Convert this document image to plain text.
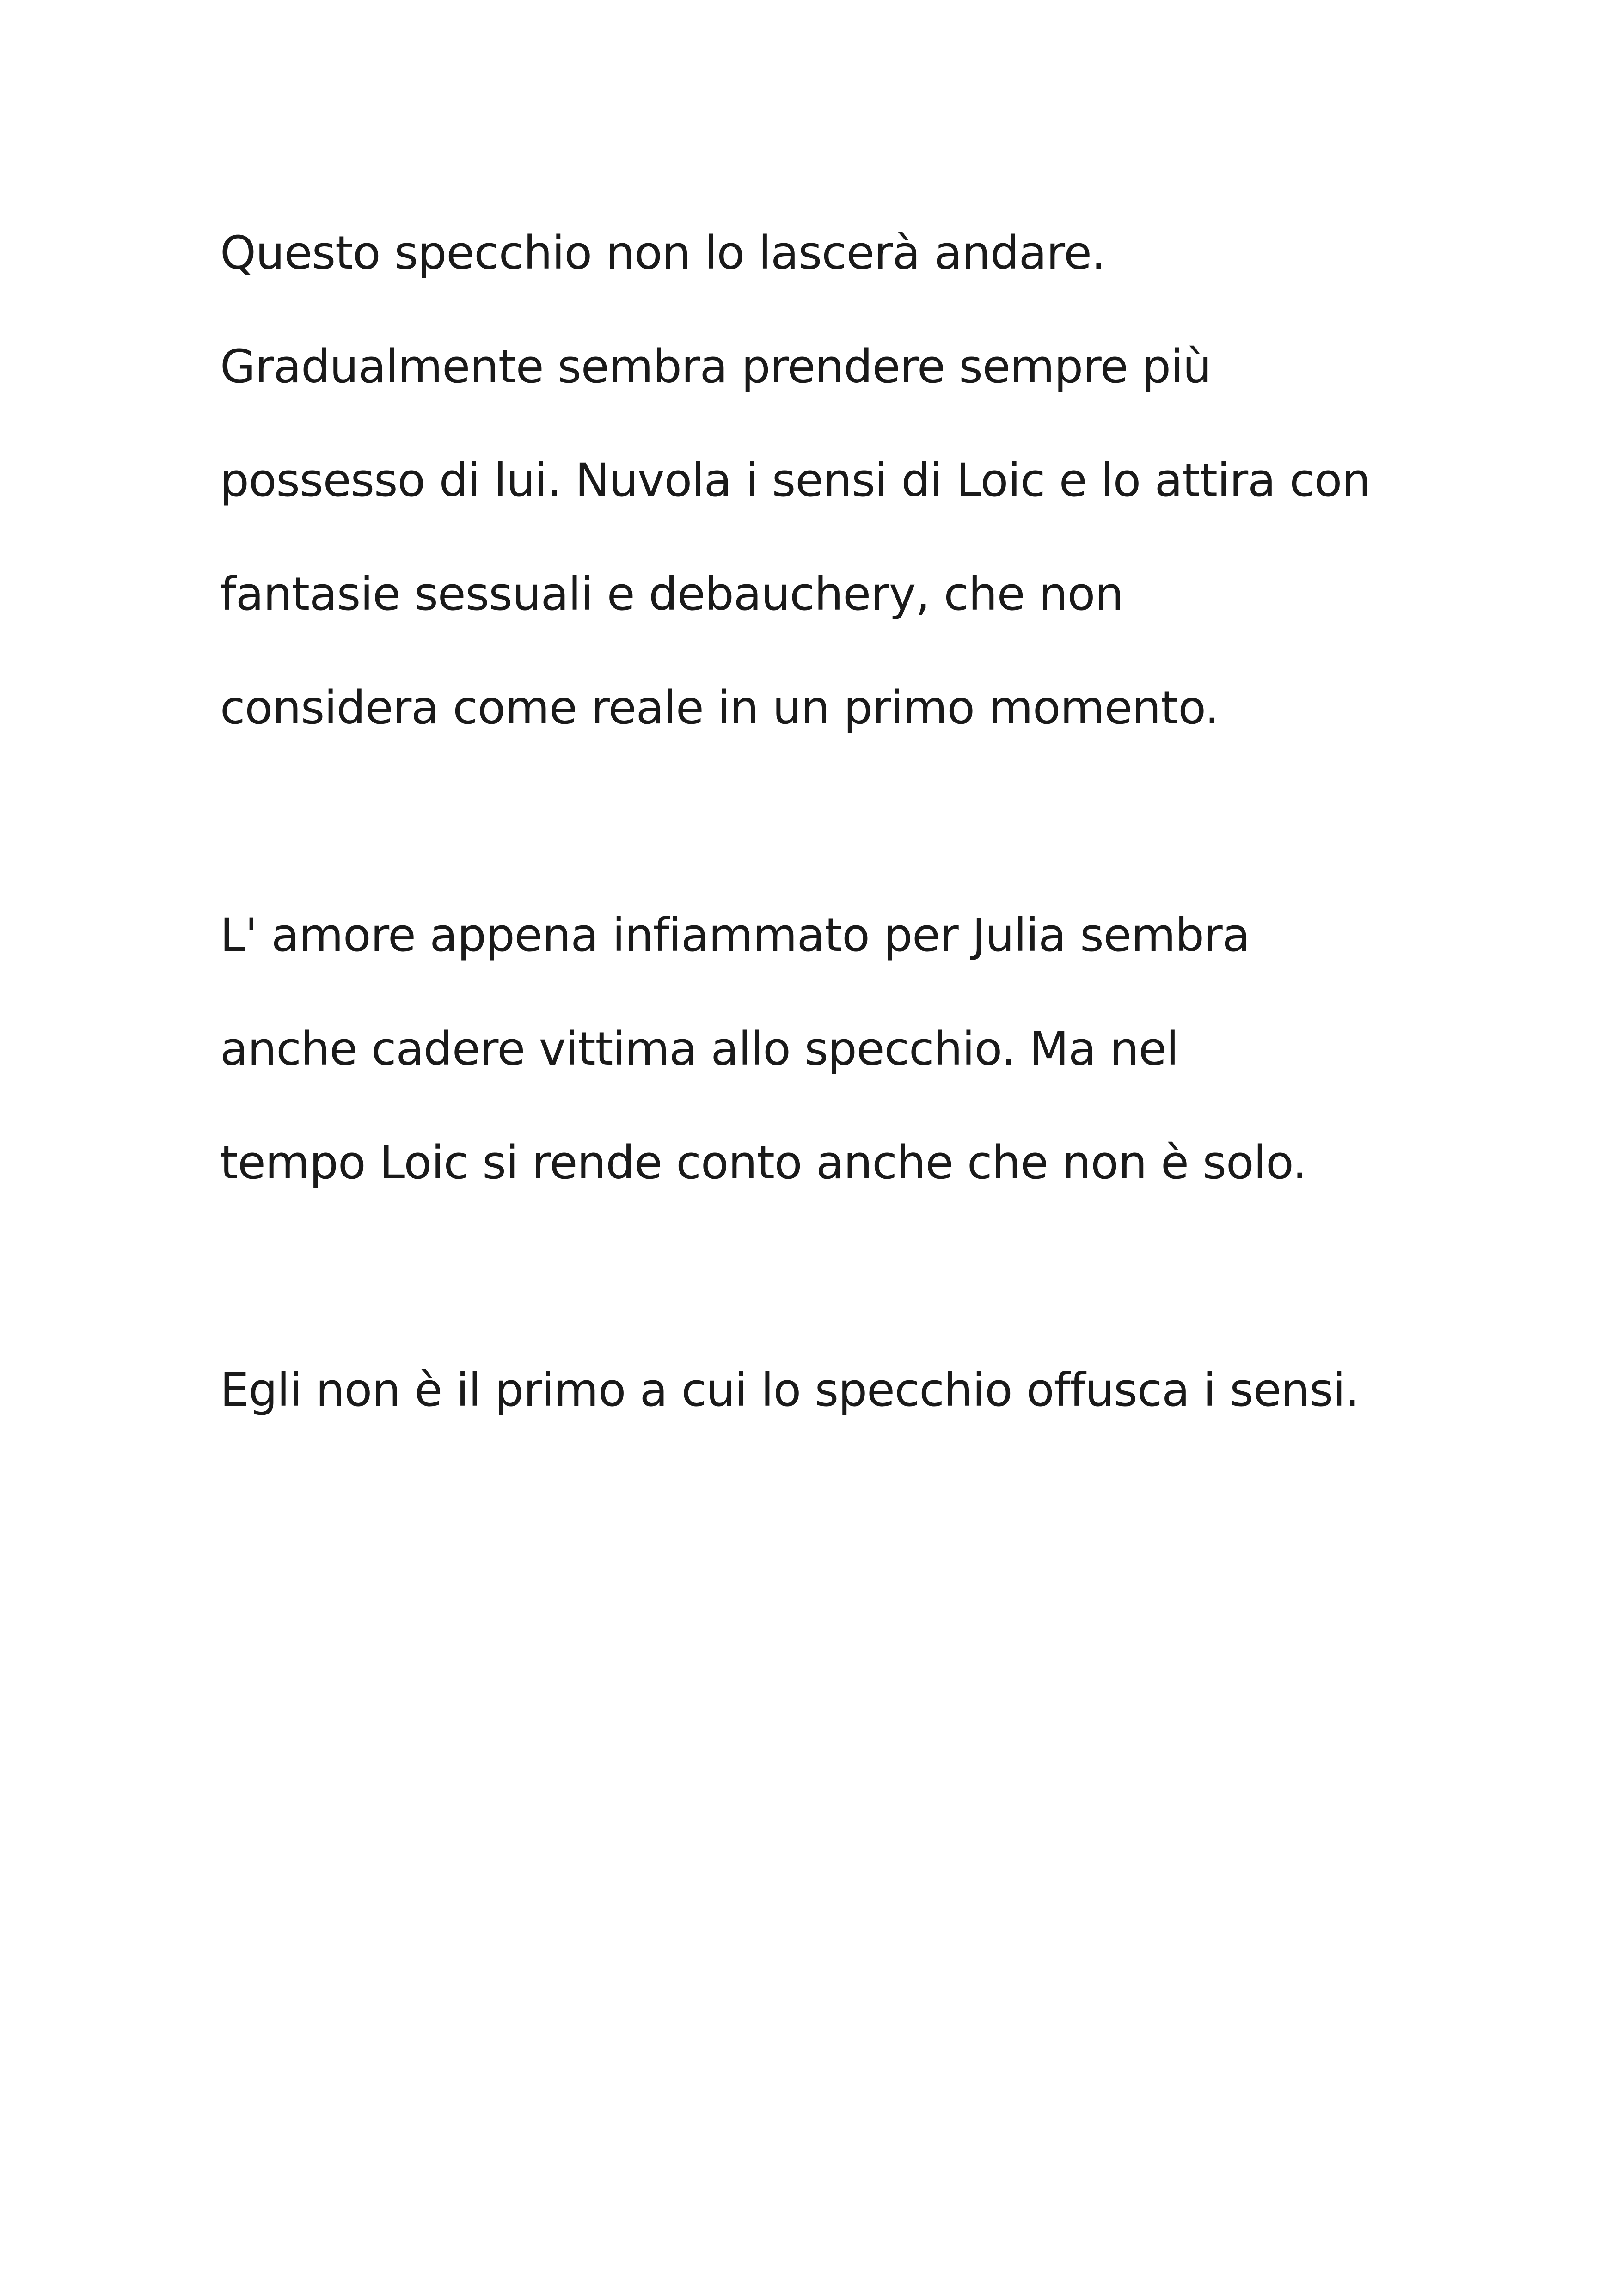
Questo specchio non lo lascerà andare.
Gradualmente sembra prendere sempre più
possesso di lui. Nuvola i sensi di Loic e lo attira con
fantasie sessuali e debauchery, che non
considera come reale in un primo momento.
L' amore appena infiammato per Julia sembra
anche cadere vittima allo specchio. Ma nel
tempo Loic si rende conto anche che non è solo.
Egli non è il primo a cui lo specchio offusca i sensi.
